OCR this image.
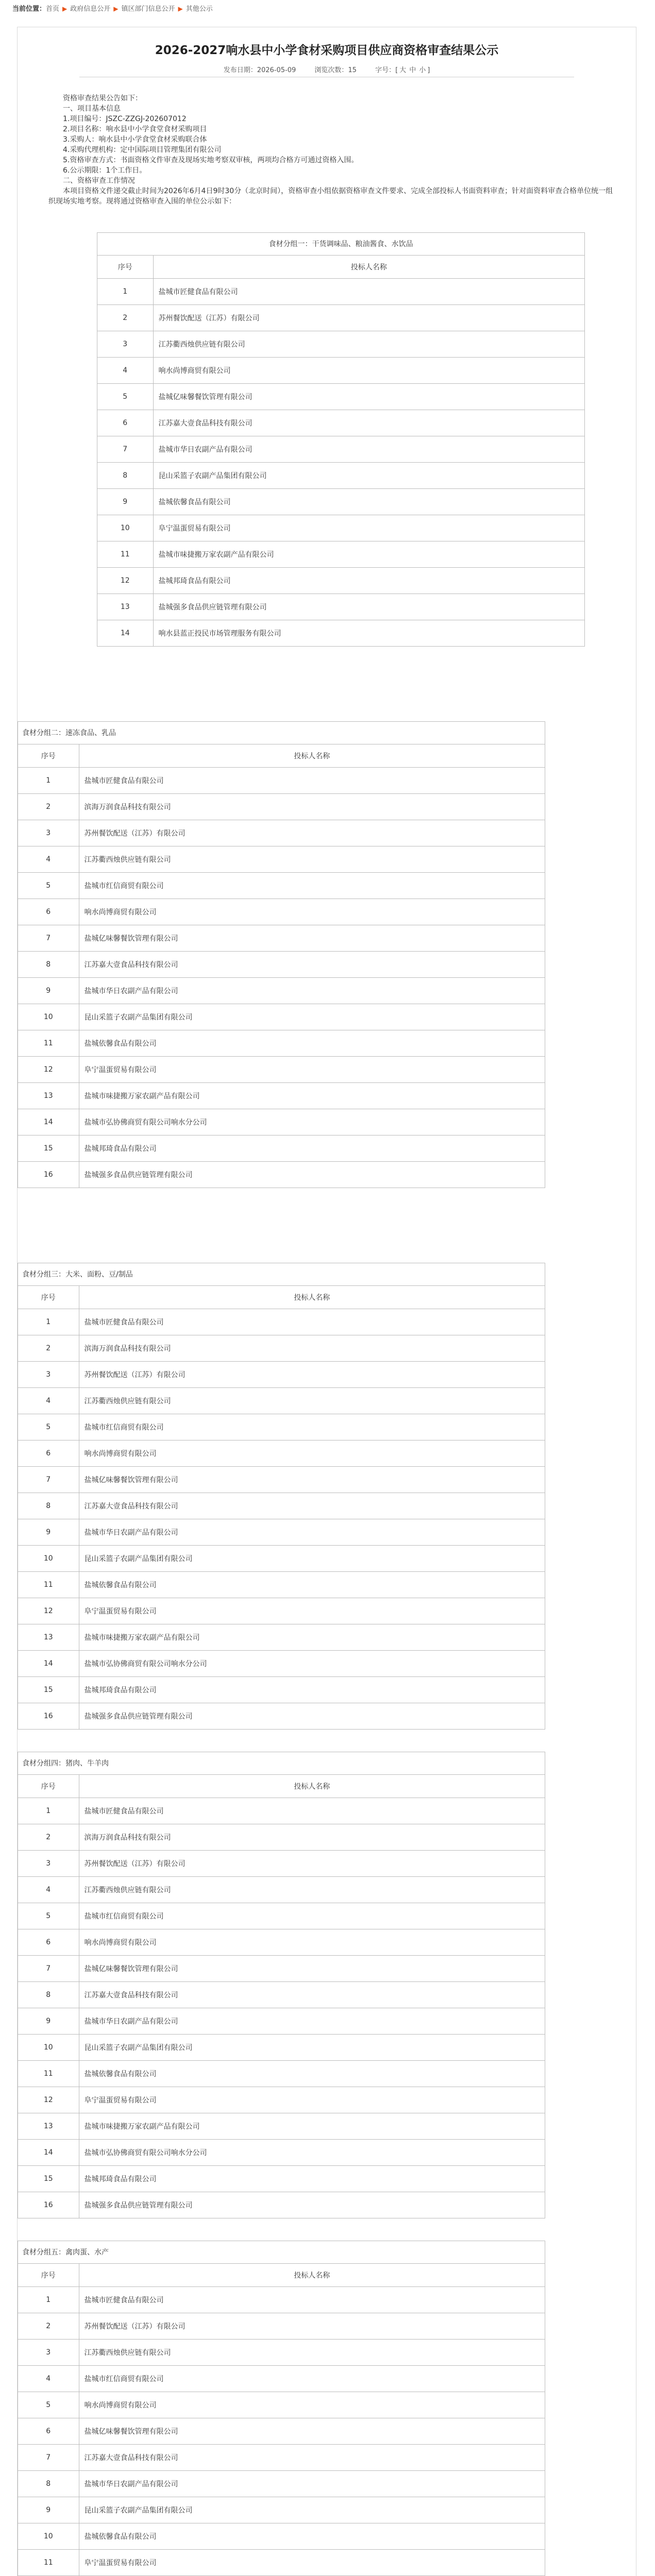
当前位置：首页 ▶ 政府信息公开 ▶ 镇区部门信息公开 ▶ 其他公示
2026-2027响水县中小学食材采购项目供应商资格审查结果公示
发布日期：2026-05-09	浏览次数：15	字号：[ 大 中 小 ]

资格审查结果公告如下：

一、项目基本信息

1.项目编号：JSZC-ZZGJ-202607012

2.项目名称：响水县中小学食堂食材采购项目

3.采购人：响水县中小学食堂食材采购联合体

4.采购代理机构：定中国际项目管理集团有限公司

5.资格审查方式：书面资格文件审查及现场实地考察双审核，两项均合格方可通过资格入围。

6.公示期限：1个工作日。

二、资格审查工作情况

本项目资格文件递交截止时间为2026年6月4日9时30分（北京时间），资格审查小组依据资格审查文件要求、完成全部投标人书面资料审查；针对面资料审查合格单位统一组织现场实地考察。现将通过资格审查入围的单位公示如下：

食材分组一：干货调味品、粮油酱食、水饮品
序号	投标人名称
1	盐城市匠健食品有限公司
2	苏州餐饮配送（江苏）有限公司
3	江苏衢西烛供应链有限公司
4	响水尚博商贸有限公司
5	盐城亿味馨餐饮管理有限公司
6	江苏嘉大壹食品科技有限公司
7	盐城市华日农副产品有限公司
8	昆山采篮子农副产品集团有限公司
9	盐城依馨食品有限公司
10	阜宁温蛋贸易有限公司
11	盐城市味捷搬万家农副产品有限公司
12	盐城邦琦食品有限公司
13	盐城强多食品供应链管理有限公司
14	响水县蓝正投民市场管理服务有限公司
食材分组二：速冻食品、乳品
序号	投标人名称
1	盐城市匠健食品有限公司
2	滨海万润食品科技有限公司
3	苏州餐饮配送（江苏）有限公司
4	江苏衢西烛供应链有限公司
5	盐城市红信商贸有限公司
6	响水尚博商贸有限公司
7	盐城亿味馨餐饮管理有限公司
8	江苏嘉大壹食品科技有限公司
9	盐城市华日农副产品有限公司
10	昆山采篮子农副产品集团有限公司
11	盐城依馨食品有限公司
12	阜宁温蛋贸易有限公司
13	盐城市味捷搬万家农副产品有限公司
14	盐城市弘协佛商贸有限公司响水分公司
15	盐城邦琦食品有限公司
16	盐城强多食品供应链管理有限公司
食材分组三：大米、面粉、豆/制品
序号	投标人名称
1	盐城市匠健食品有限公司
2	滨海万润食品科技有限公司
3	苏州餐饮配送（江苏）有限公司
4	江苏衢西烛供应链有限公司
5	盐城市红信商贸有限公司
6	响水尚博商贸有限公司
7	盐城亿味馨餐饮管理有限公司
8	江苏嘉大壹食品科技有限公司
9	盐城市华日农副产品有限公司
10	昆山采篮子农副产品集团有限公司
11	盐城依馨食品有限公司
12	阜宁温蛋贸易有限公司
13	盐城市味捷搬万家农副产品有限公司
14	盐城市弘协佛商贸有限公司响水分公司
15	盐城邦琦食品有限公司
16	盐城强多食品供应链管理有限公司
食材分组四：猪肉、牛羊肉
序号	投标人名称
1	盐城市匠健食品有限公司
2	滨海万润食品科技有限公司
3	苏州餐饮配送（江苏）有限公司
4	江苏衢西烛供应链有限公司
5	盐城市红信商贸有限公司
6	响水尚博商贸有限公司
7	盐城亿味馨餐饮管理有限公司
8	江苏嘉大壹食品科技有限公司
9	盐城市华日农副产品有限公司
10	昆山采篮子农副产品集团有限公司
11	盐城依馨食品有限公司
12	阜宁温蛋贸易有限公司
13	盐城市味捷搬万家农副产品有限公司
14	盐城市弘协佛商贸有限公司响水分公司
15	盐城邦琦食品有限公司
16	盐城强多食品供应链管理有限公司
食材分组五：禽肉蛋、水产
序号	投标人名称
1	盐城市匠健食品有限公司
2	苏州餐饮配送（江苏）有限公司
3	江苏衢西烛供应链有限公司
4	盐城市红信商贸有限公司
5	响水尚博商贸有限公司
6	盐城亿味馨餐饮管理有限公司
7	江苏嘉大壹食品科技有限公司
8	盐城市华日农副产品有限公司
9	昆山采篮子农副产品集团有限公司
10	盐城依馨食品有限公司
11	阜宁温蛋贸易有限公司
